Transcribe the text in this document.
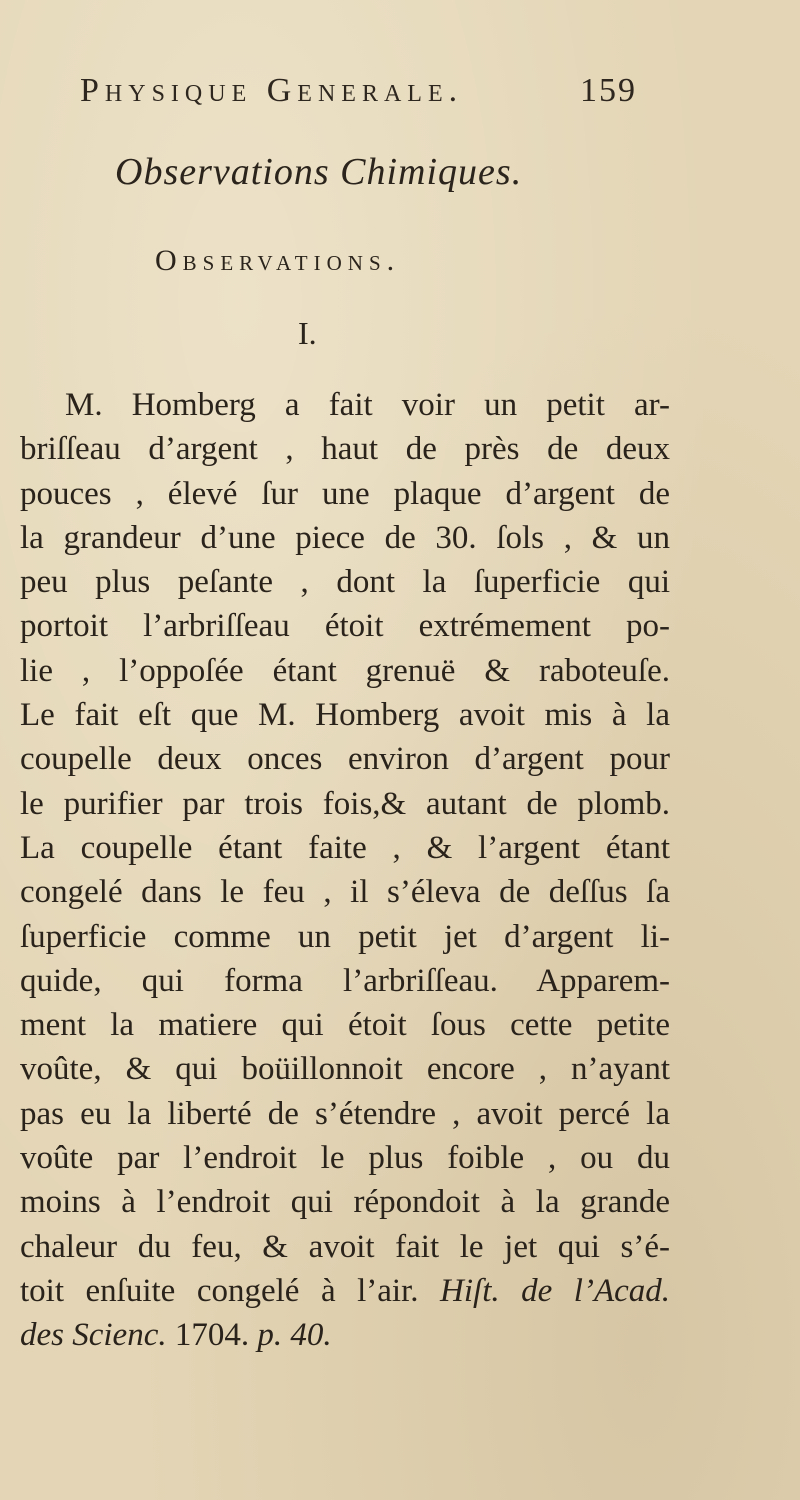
Physique Generale.	159
Observations Chimiques.
Observations.
I.
M. Homberg a fait voir un petit ar-
briſſeau d’argent , haut de près de deux
pouces , élevé ſur une plaque d’argent de
la grandeur d’une piece de 30. ſols , & un
peu plus peſante , dont la ſuperficie qui
portoit l’arbriſſeau étoit extrémement po-
lie , l’oppoſée étant grenuë & raboteuſe.
Le fait eſt que M. Homberg avoit mis à la
coupelle deux onces environ d’argent pour
le purifier par trois fois,& autant de plomb.
La coupelle étant faite , & l’argent étant
congelé dans le feu , il s’éleva de deſſus ſa
ſuperficie comme un petit jet d’argent li-
quide, qui forma l’arbriſſeau. Apparem-
ment la matiere qui étoit ſous cette petite
voûte, & qui boüillonnoit encore , n’ayant
pas eu la liberté de s’étendre , avoit percé la
voûte par l’endroit le plus foible , ou du
moins à l’endroit qui répondoit à la grande
chaleur du feu, & avoit fait le jet qui s’é-
toit enſuite congelé à l’air. Hiſt. de l’Acad.
des Scienc. 1704. p. 40.
